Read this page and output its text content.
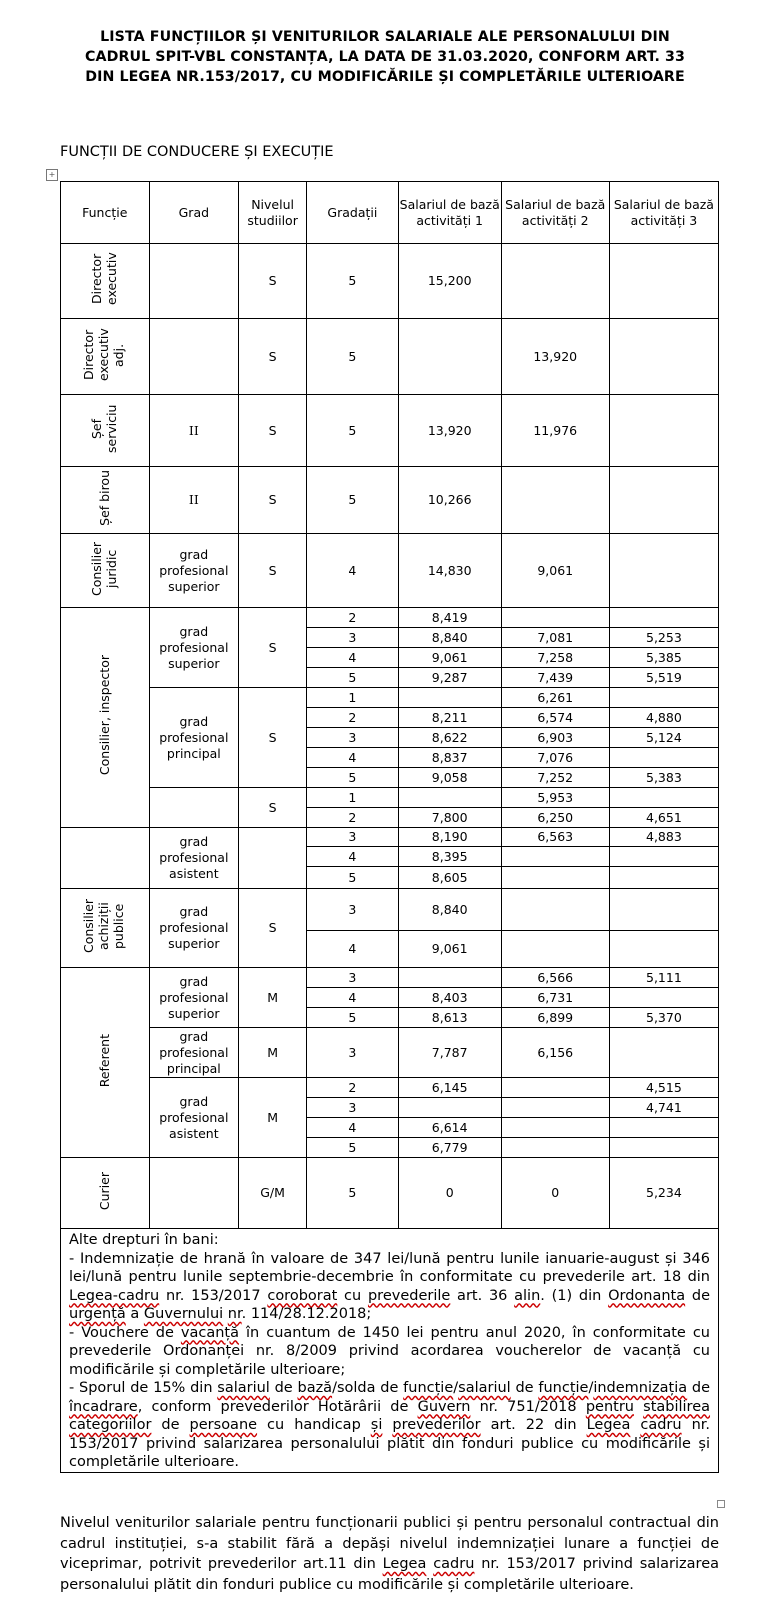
LISTA FUNCȚIILOR ȘI VENITURILOR SALARIALE ALE PERSONALULUI DIN
CADRUL SPIT-VBL CONSTANȚA, LA DATA DE 31.03.2020, CONFORM ART. 33
DIN LEGEA NR.153/2017, CU MODIFICĂRILE ȘI COMPLETĂRILE ULTERIOARE
FUNCȚII DE CONDUCERE ȘI EXECUȚIE
+
Funcție	Grad	Nivelul studiilor	Gradații	Salariul de bază activități 1	Salariul de bază activități 2	Salariul de bază activități 3
Director executiv		S	5	15,200		
Director executiv adj.		S	5		13,920	
Șef serviciu	II	S	5	13,920	11,976	
Șef birou	II	S	5	10,266		
Consilier juridic	grad profesional superior	S	4	14,830	9,061	
Consilier, inspector	grad profesional superior	S	2	8,419		
			3	8,840	7,081	5,253
			4	9,061	7,258	5,385
			5	9,287	7,439	5,519
	grad profesional principal	S	1		6,261	
			2	8,211	6,574	4,880
			3	8,622	6,903	5,124
			4	8,837	7,076	
			5	9,058	7,252	5,383
		S	1		5,953	
			2	7,800	6,250	4,651
	grad profesional asistent		3	8,190	6,563	4,883
			4	8,395		
			5	8,605		
Consilier achiziții publice	grad profesional superior	S	3	8,840		
			4	9,061		
Referent	grad profesional superior	M	3		6,566	5,111
			4	8,403	6,731	
			5	8,613	6,899	5,370
	grad profesional principal	M	3	7,787	6,156	
	grad profesional asistent	M	2	6,145		4,515
			3			4,741
			4	6,614		
			5	6,779		
Curier		G/M	5	0	0	5,234

Alte drepturi în bani:
- Indemnizație de hrană în valoare de 347 lei/lună pentru lunile ianuarie-august și 346 lei/lună pentru lunile septembrie-decembrie în conformitate cu prevederile art. 18 din Legea-cadru nr. 153/2017 coroborat cu prevederile art. 36 alin. (1) din Ordonanta de urgență a Guvernului nr. 114/28.12.2018;
- Vouchere de vacanță în cuantum de 1450 lei pentru anul 2020, în conformitate cu prevederile Ordonanței nr. 8/2009 privind acordarea voucherelor de vacanță cu modificările și completările ulterioare;
- Sporul de 15% din salariul de bază/solda de funcție/salariul de funcție/indemnizația de încadrare, conform prevederilor Hotărârii de Guvern nr. 751/2018 pentru stabilirea categoriilor de persoane cu handicap și prevederilor art. 22 din Legea cadru nr. 153/2017 privind salarizarea personalului plătit din fonduri publice cu modificările și completările ulterioare.						
Nivelul veniturilor salariale pentru funcționarii publici și pentru personalul contractual din cadrul instituției, s-a stabilit fără a depăși nivelul indemnizației lunare a funcției de viceprimar, potrivit prevederilor art.11 din Legea cadru nr. 153/2017 privind salarizarea personalului plătit din fonduri publice cu modificările și completările ulterioare.
